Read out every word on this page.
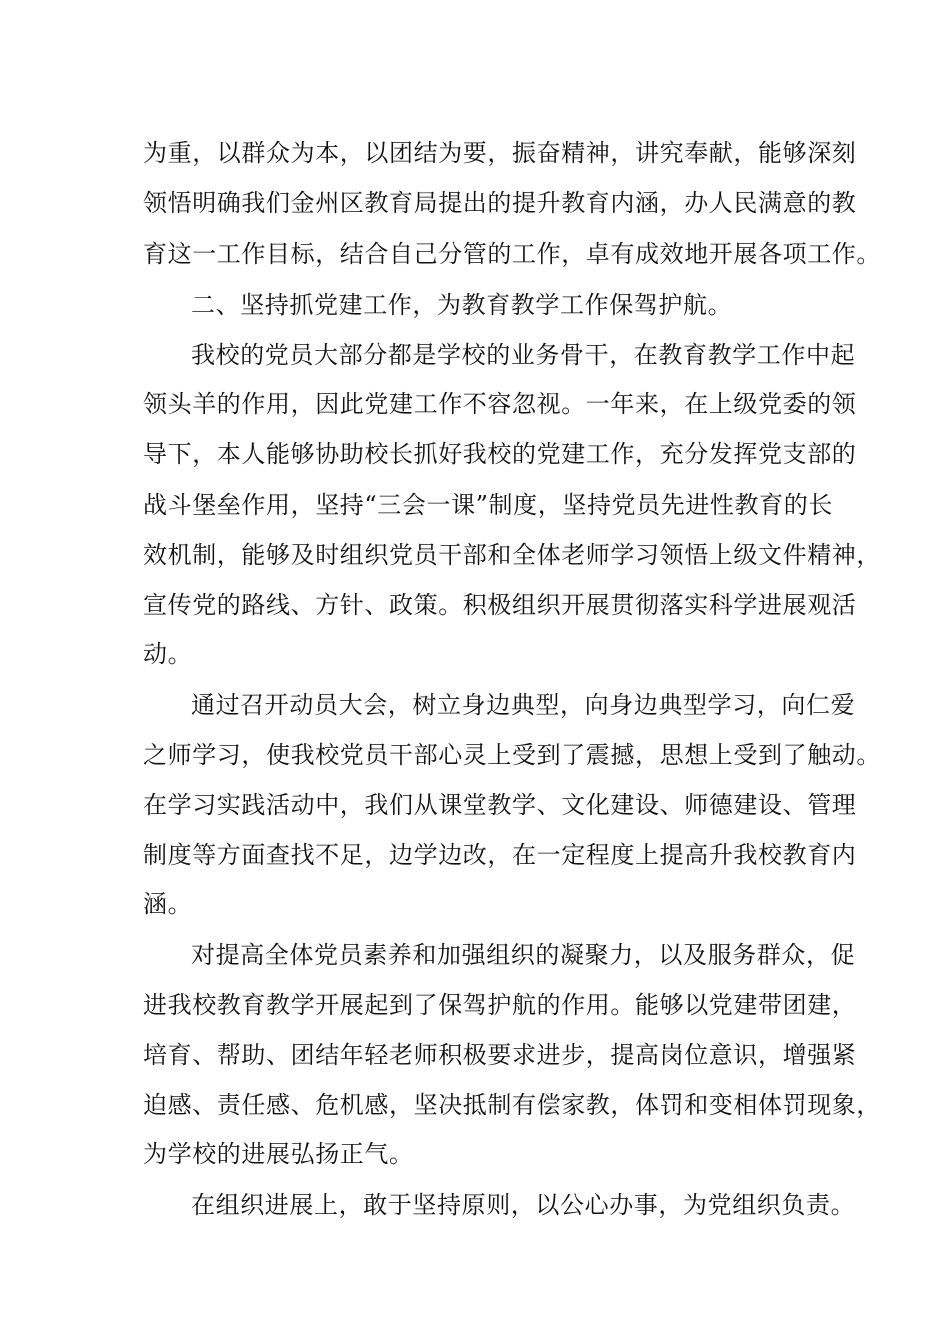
为重，以群众为本，以团结为要，振奋精神，讲究奉献，能够深刻
领悟明确我们金州区教育局提出的提升教育内涵，办人民满意的教
育这一工作目标，结合自己分管的工作，卓有成效地开展各项工作。
二、坚持抓党建工作，为教育教学工作保驾护航。
我校的党员大部分都是学校的业务骨干，在教育教学工作中起
领头羊的作用，因此党建工作不容忽视。一年来，在上级党委的领
导下，本人能够协助校长抓好我校的党建工作，充分发挥党支部的
战斗堡垒作用，坚持“三会一课”制度，坚持党员先进性教育的长
效机制，能够及时组织党员干部和全体老师学习领悟上级文件精神，
宣传党的路线、方针、政策。积极组织开展贯彻落实科学进展观活
动。
通过召开动员大会，树立身边典型，向身边典型学习，向仁爱
之师学习，使我校党员干部心灵上受到了震撼，思想上受到了触动。
在学习实践活动中，我们从课堂教学、文化建设、师德建设、管理
制度等方面查找不足，边学边改，在一定程度上提高升我校教育内
涵。
对提高全体党员素养和加强组织的凝聚力，以及服务群众，促
进我校教育教学开展起到了保驾护航的作用。能够以党建带团建，
培育、帮助、团结年轻老师积极要求进步，提高岗位意识，增强紧
迫感、责任感、危机感，坚决抵制有偿家教，体罚和变相体罚现象，
为学校的进展弘扬正气。
在组织进展上，敢于坚持原则，以公心办事，为党组织负责。
